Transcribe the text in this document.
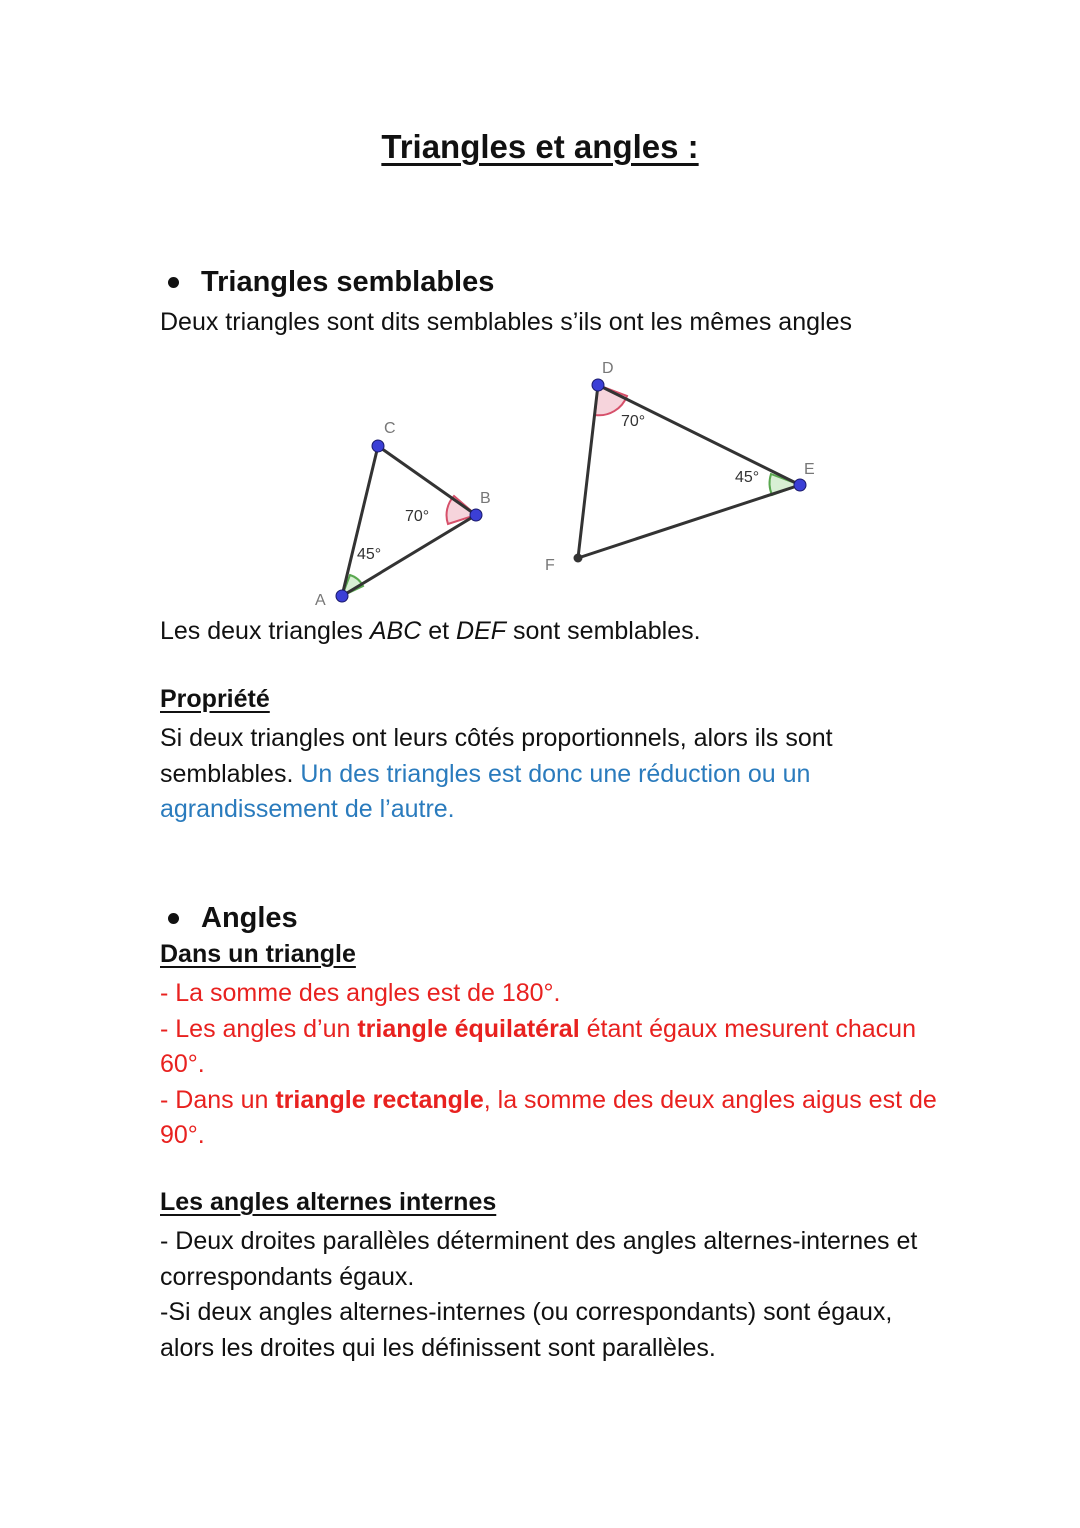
Triangles et angles :
Triangles semblables

Deux triangles sont dits semblables s’ils ont les mêmes angles

A
C
B
45°
70°
D
E
F
70°
45°

Les deux triangles ABC et DEF sont semblables.

Propriété

Si deux triangles ont leurs côtés proportionnels, alors ils sont semblables. Un des triangles est donc une réduction ou un agrandissement de l’autre.

Angles
Dans un triangle
- La somme des angles est de 180°.
- Les angles d’un triangle équilatéral étant égaux mesurent chacun 60°.
- Dans un triangle rectangle, la somme des deux angles aigus est de 90°.
Les angles alternes internes
- Deux droites parallèles déterminent des angles alternes-internes et correspondants égaux.
-Si deux angles alternes-internes (ou correspondants) sont égaux, alors les droites qui les définissent sont parallèles.
